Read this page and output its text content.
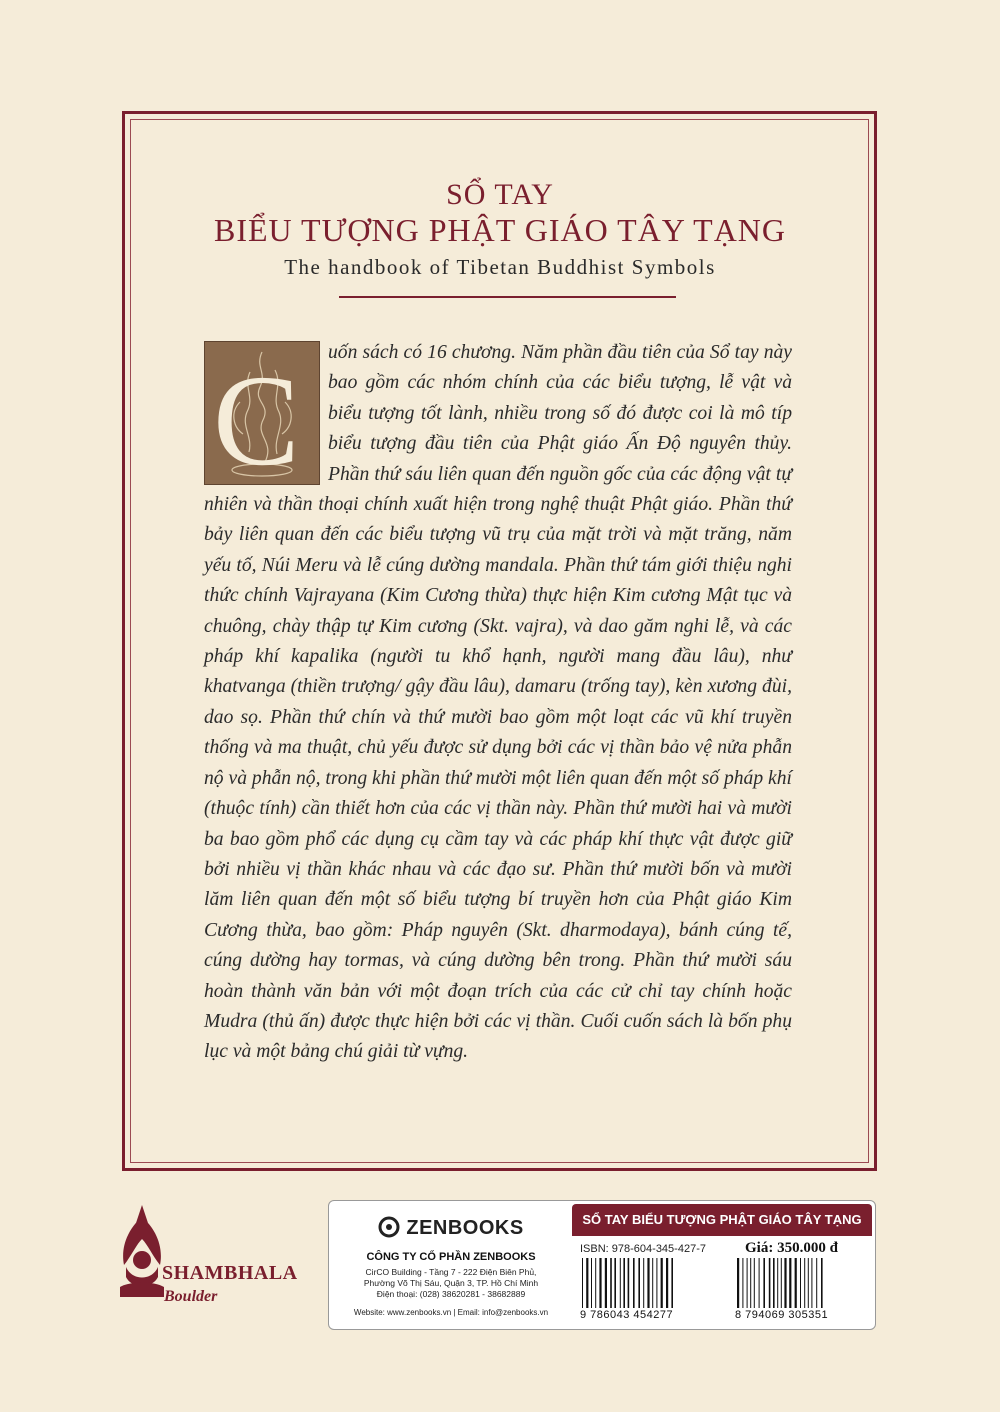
SỔ TAY
BIỂU TƯỢNG PHẬT GIÁO TÂY TẠNG
The handbook of Tibetan Buddhist Symbols
C	uốn sách có 16 chương. Năm phần đầu tiên của Sổ tay này bao gồm các nhóm chính của các biểu tượng, lễ vật và biểu tượng tốt lành, nhiều trong số đó được coi là mô típ biểu tượng đầu tiên của Phật giáo Ấn Độ nguyên thủy. Phần thứ sáu liên quan đến nguồn gốc của các động vật tự nhiên và thần thoại chính xuất hiện trong nghệ thuật Phật giáo. Phần thứ bảy liên quan đến các biểu tượng vũ trụ của mặt trời và mặt trăng, năm yếu tố, Núi Meru và lễ cúng dường mandala. Phần thứ tám giới thiệu nghi thức chính Vajrayana (Kim Cương thừa) thực hiện Kim cương Mật tục và chuông, chày thập tự Kim cương (Skt. vajra), và dao găm nghi lễ, và các pháp khí kapalika (người tu khổ hạnh, người mang đầu lâu), như khatvanga (thiền trượng/ gậy đầu lâu), damaru (trống tay), kèn xương đùi, dao sọ. Phần thứ chín và thứ mười bao gồm một loạt các vũ khí truyền thống và ma thuật, chủ yếu được sử dụng bởi các vị thần bảo vệ nửa phẫn nộ và phẫn nộ, trong khi phần thứ mười một liên quan đến một số pháp khí (thuộc tính) cần thiết hơn của các vị thần này. Phần thứ mười hai và mười ba bao gồm phổ các dụng cụ cầm tay và các pháp khí thực vật được giữ bởi nhiều vị thần khác nhau và các đạo sư. Phần thứ mười bốn và mười lăm liên quan đến một số biểu tượng bí truyền hơn của Phật giáo Kim Cương thừa, bao gồm: Pháp nguyên (Skt. dharmodaya), bánh cúng tế, cúng dường hay tormas, và cúng dường bên trong. Phần thứ mười sáu hoàn thành văn bản với một đoạn trích của các cử chỉ tay chính hoặc Mudra (thủ ấn) được thực hiện bởi các vị thần. Cuối cuốn sách là bốn phụ lục và một bảng chú giải từ vựng.
SHAMBHALA
Boulder
ZENBOOKS
CÔNG TY CỔ PHẦN ZENBOOKS
CirCO Building - Tầng 7 - 222 Điện Biên Phủ,
Phường Võ Thị Sáu, Quận 3, TP. Hồ Chí Minh
Điện thoại: (028) 38620281 - 38682889
Website: www.zenbooks.vn | Email: info@zenbooks.vn
SỔ TAY BIỂU TƯỢNG PHẬT GIÁO TÂY TẠNG
ISBN: 978-604-345-427-7	Giá: 350.000 đ
9 786043 454277	8 794069 305351
